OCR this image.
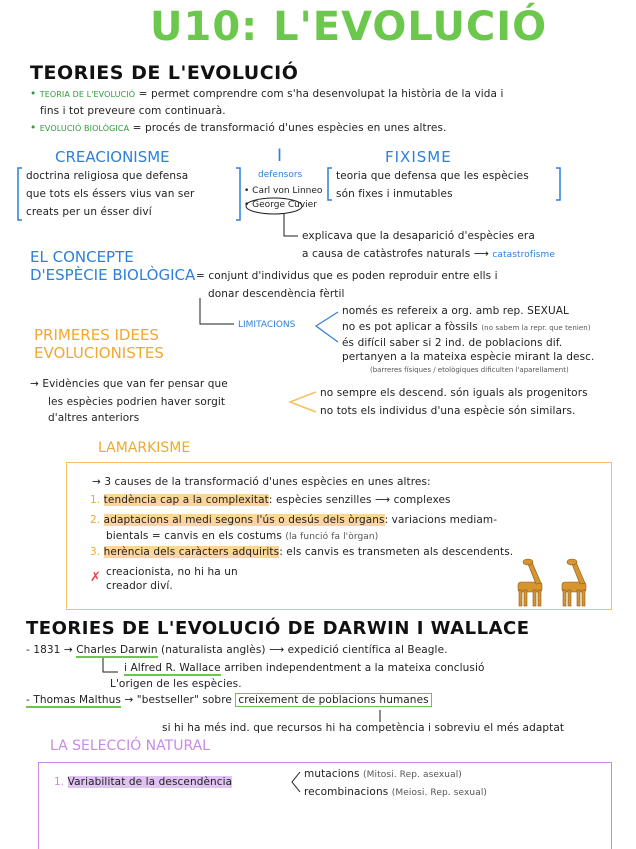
U10: L'EVOLUCIÓ
TEORIES DE L'EVOLUCIÓ
• TEORIA DE L'EVOLUCIÓ = permet comprendre com s'ha desenvolupat la història de la vida i
fins i tot preveure com continuarà.
• EVOLUCIÓ BIOLÒGICA = procés de transformació d'unes espècies en unes altres.
CREACIONISME	I	FIXISME
doctrina religiosa que defensa
que tots els éssers vius van ser
creats per un ésser diví
defensors
• Carl von Linneo
• George Cuvier
teoria que defensa que les espècies
són fixes i inmutables
explicava que la desaparició d'espècies era
a causa de catàstrofes naturals ⟶ catastrofisme
EL CONCEPTE
D'ESPÈCIE BIOLÒGICA = conjunt d'individus que es poden reproduir entre ells i
donar descendència fèrtil
LIMITACIONS
només es refereix a org. amb rep. SEXUAL
no es pot aplicar a fòssils (no sabem la repr. que tenien)
és difícil saber si 2 ind. de poblacions dif.
pertanyen a la mateixa espècie mirant la desc.
(barreres físiques / etològiques dificulten l'aparellament)
PRIMERES IDEES
EVOLUCIONISTES
→ Evidències que van fer pensar que
les espècies podrien haver sorgit
d'altres anteriors
no sempre els descend. són iguals als progenitors
no tots els individus d'una espècie són similars.
LAMARKISME
→ 3 causes de la transformació d'unes espècies en unes altres:
1. tendència cap a la complexitat: espècies senzilles ⟶ complexes
2. adaptacions al medi segons l'ús o desús dels òrgans: variacions mediam-
bientals = canvis en els costums (la funció fa l'òrgan)
3. herència dels caràcters adquirits: els canvis es transmeten als descendents.
✗ creacionista, no hi ha un
creador diví.
TEORIES DE L'EVOLUCIÓ DE DARWIN I WALLACE
- 1831 → Charles Darwin (naturalista anglès) ⟶ expedició científica al Beagle.
i Alfred R. Wallace arriben independentment a la mateixa conclusió
L'origen de les espècies.
- Thomas Malthus → "bestseller" sobre creixement de poblacions humanes
si hi ha més ind. que recursos hi ha competència i sobreviu el més adaptat
LA SELECCIÓ NATURAL
1. Variabilitat de la descendència
mutacions (Mitosi. Rep. asexual)
recombinacions (Meiosi. Rep. sexual)
